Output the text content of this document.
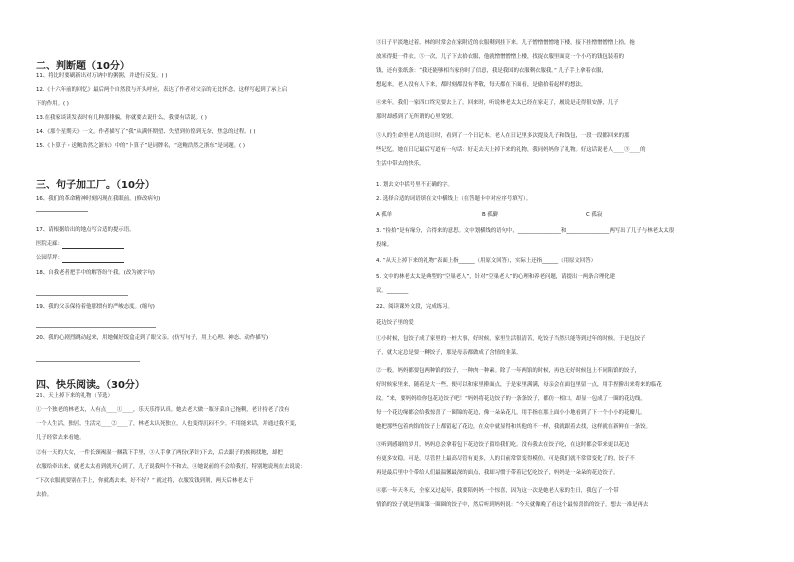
二、判断题（10分）
11、将比时要刷新出对万讷中的粥粥，并进行反复。( )
12.《十六年前的回忆》最后两个自然段与开头呼应，表达了作者对父亲的无比怀念，这样写起到了承上启
下的作用。( )
13.在我家谈读发表时有几种那排骗，你就要去说什么，我要有话说。( )
14.《那个星期天》一文，作者描写了“我”从满怀期望、失望到彷徨到无奈，焦急的过程。( )
15.《卜算子・送鲍浩然之浙东》中的“卜算子”是词牌名，“送鲍浩然之浙东”是词题。( )
三、句子加工厂。（10分）
16、我们的革命精神时刻闪现在我眼前。(修改病句)
17、请根据给出的地点写合适的提示语。
医院走廊：
公园草坪：
18、自我老者把手中的解答纷午我。(改为被字句)
19、我的父亲保持着他那惯有的严峻态度。(缩句)
20、我的心剧烈跳动起来，用她佩好饭盒走到了眼父亲。(仿写句子，用上心理、神态、动作描写)
四、快乐阅读。（30分）
21、天上掉下来的礼物（节选）
①一个独老的林老太，人有点____①____，乐天乐得认真。她去老大做一瓶牙菜自己拖剩，老计持老了没有
一个人生活，独居，生活完____②____了，林老太认死独立，人也变得沉闷不少。不用能来话，并通过我不变，
儿子经常去来看她。
②有一天的大女，一件长颈褐湿一捆栽下手里，③人手拿了两份(茅针)下去，后去跟子的挨揭找地，却把
衣服给牵出来，就老太太看到就开心到了，儿子说我叫个不和去，④她说前的不会给我打，特别地说现在去说说：
“下次衣服就要别在手上，你就离去来，好不好？” 就过将，衣服发钱到剂，两天后林老太于
去拾。
③日子平淡地过着，林的时常会在家附近的衣服剩到挂下来。儿子憎憎憎憎地下楼，接下挂憎憎憎憎上拾，拖
放米得挺一件衣。⑤一次，儿子下去拾衣服，他就憎憎憎憎上楼，找捉衣服里面竟一个小巧的钱包装着的
钱，还有张纸条：“我还能够相当家你时了信意，我是我国的衣服剩衣服我。” 儿子手上拿着衣服，
想起来，老人没有人下来，都时刻都没有孝敬，每天都在下面看，是偷拾着起样的想法。
④来年，我们一家四口终究要去上了。回来时，听说林老太太已经在家走了，履说是走得很安静，儿子
那时却感到了无所谓的心里宽慰。
⑤人的生命里老人的退让时，看到了一个日记本。老人在日记里多次提及儿子和钱包，一段一段都回来的那
些记忆。她在日记最后写道有一句话：好走去天上掉下来的礼物，我同妈妈你了礼物。好这话说老人____③____的
生活中带去的快乐。
1. 划去文中括号里不正确的字。
2. 选择合适的词语填在文中横线上（在答题卡中对应序号填写）。
A 孤单	B 孤僻	C 孤寂
3. “捡拾”是有缘分，合得来的意思。文中划横线的语句中，________________和________________两写出了儿子与林老太太很
投缘。
4. “从天上掉下来的礼物”表面上指______（用原文回答），实际上还指______（用原文回答）
5. 文中的林老太太是典型的“空巢老人”，针对“空巢老人”的心理和养老问题，请提出一两条合理化建
议。________
22、阅读课外文段，完成练习。
花边饺子里的爱
①小时候，包饺子成了家里的一桩大事，好时候，家里生活很清苦，吃饺子当然只能等到过年的时候。于是包饺子
子，就大定总是要一轉饺子，那是母亲都做成了含情的韭菜。
②一般，妈妈都要包两种馅的饺子，一种肉一种素。除了一年两馅的时候，再也无好时候包上不同陷馅的饺子，
好时候家里来，随着是大一些，便可以和家里擀面点，于是家里满满，母亲会在面包里留一点，用手捏擀出来将来的临花
纹。“来，要妈妈给你包花边饺子吧！”妈妈将花边饺子的一条条饺子，都仿一相口，却显一包成了一圈的花边线，
每一个花边缘都会给我惊喜了一圈锦的花边，像一朵朵花儿，用手指在那上面小小地看到了下一个小小的花瓣儿。
她把那些包着肉馅的饺子上都留起了花边，在众中就显得和其他的不一样，我就跟着去找，这样就在新鲜在一条饺。
③听到感谢的岁月，妈妈总会拿着包下花边饺子留给我们吃。没有我去在饺子吃，在这时都会带来更以花边
有更多安稳。可是，尽管世上最高尽管有更多，人的目前常常变得模仿，可是我们就不常常变化了的，饺子不
再是最后里中个带给人们最温馨最深的面点，我却习惯于带着记忆吃饺子，妈妈是一朵朵的花边饺子。
④那一年天冬天，全家又过起年，我要陪妈妈一个惊喜，因为这一次是她老人家的生日，我包了一个带
情馅的饺子就是里面第一圈圈的饺子中，然后听到妈妈说：“今天就像晚了看这个最惊喜馅的饺子，想去一准是再去
